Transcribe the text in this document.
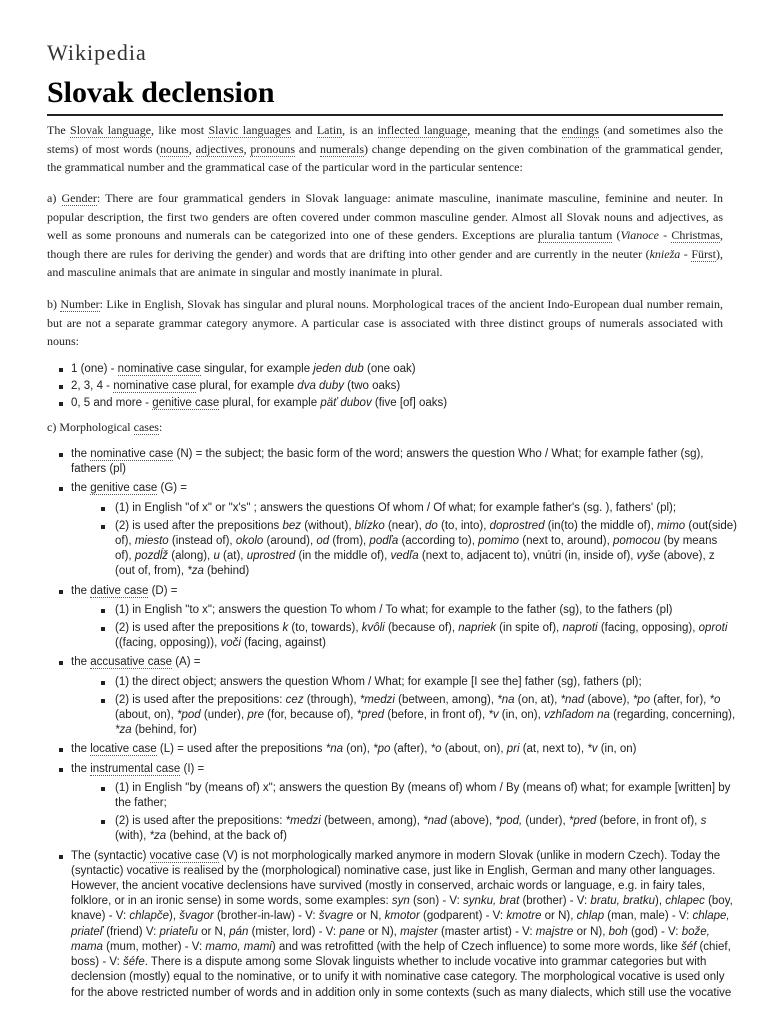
Wikipedia
Slovak declension

The Slovak language, like most Slavic languages and Latin, is an inflected language, meaning that the endings (and sometimes also the stems) of most words (nouns, adjectives, pronouns and numerals) change depending on the given combination of the grammatical gender, the grammatical number and the grammatical case of the particular word in the particular sentence:

a) Gender: There are four grammatical genders in Slovak language: animate masculine, inanimate masculine, feminine and neuter. In popular description, the first two genders are often covered under common masculine gender. Almost all Slovak nouns and adjectives, as well as some pronouns and numerals can be categorized into one of these genders. Exceptions are pluralia tantum (Vianoce - Christmas, though there are rules for deriving the gender) and words that are drifting into other gender and are currently in the neuter (knieža - Fürst), and masculine animals that are animate in singular and mostly inanimate in plural.

b) Number: Like in English, Slovak has singular and plural nouns. Morphological traces of the ancient Indo-European dual number remain, but are not a separate grammar category anymore. A particular case is associated with three distinct groups of numerals associated with nouns:

1 (one) - nominative case singular, for example jeden dub (one oak)
2, 3, 4 - nominative case plural, for example dva duby (two oaks)
0, 5 and more - genitive case plural, for example päť dubov (five [of] oaks)

c) Morphological cases:

the nominative case (N) = the subject; the basic form of the word; answers the question Who / What; for example father (sg), fathers (pl)
the genitive case (G) =
(1) in English "of x" or "x's" ; answers the questions Of whom / Of what; for example father's (sg. ), fathers' (pl);
(2) is used after the prepositions bez (without), blízko (near), do (to, into), doprostred (in(to) the middle of), mimo (out(side) of), miesto (instead of), okolo (around), od (from), podľa (according to), pomimo (next to, around), pomocou (by means of), pozdĺž (along), u (at), uprostred (in the middle of), vedľa (next to, adjacent to), vnútri (in, inside of), vyše (above), z (out of, from), *za (behind)
the dative case (D) =
(1) in English "to x"; answers the question To whom / To what; for example to the father (sg), to the fathers (pl)
(2) is used after the prepositions k (to, towards), kvôli (because of), napriek (in spite of), naproti (facing, opposing), oproti ((facing, opposing)), voči (facing, against)
the accusative case (A) =
(1) the direct object; answers the question Whom / What; for example [I see the] father (sg), fathers (pl);
(2) is used after the prepositions: cez (through), *medzi (between, among), *na (on, at), *nad (above), *po (after, for), *o (about, on), *pod (under), pre (for, because of), *pred (before, in front of), *v (in, on), vzhľadom na (regarding, concerning), *za (behind, for)
the locative case (L) = used after the prepositions *na (on), *po (after), *o (about, on), pri (at, next to), *v (in, on)
the instrumental case (I) =
(1) in English "by (means of) x"; answers the question By (means of) whom / By (means of) what; for example [written] by the father;
(2) is used after the prepositions: *medzi (between, among), *nad (above), *pod, (under), *pred (before, in front of), s (with), *za (behind, at the back of)
The (syntactic) vocative case (V) is not morphologically marked anymore in modern Slovak (unlike in modern Czech). Today the (syntactic) vocative is realised by the (morphological) nominative case, just like in English, German and many other languages. However, the ancient vocative declensions have survived (mostly in conserved, archaic words or language, e.g. in fairy tales, folklore, or in an ironic sense) in some words, some examples: syn (son) - V: synku, brat (brother) - V: bratu, bratku), chlapec (boy, knave) - V: chlapče), švagor (brother-in-law) - V: švagre or N, kmotor (godparent) - V: kmotre or N), chlap (man, male) - V: chlape, priateľ (friend) V: priateľu or N, pán (mister, lord) - V: pane or N), majster (master artist) - V: majstre or N), boh (god) - V: bože, mama (mum, mother) - V: mamo, mami) and was retrofitted (with the help of Czech influence) to some more words, like šéf (chief, boss) - V: šéfe. There is a dispute among some Slovak linguists whether to include vocative into grammar categories but with declension (mostly) equal to the nominative, or to unify it with nominative case category. The morphological vocative is used only for the above restricted number of words and in addition only in some contexts (such as many dialects, which still use the vocative
